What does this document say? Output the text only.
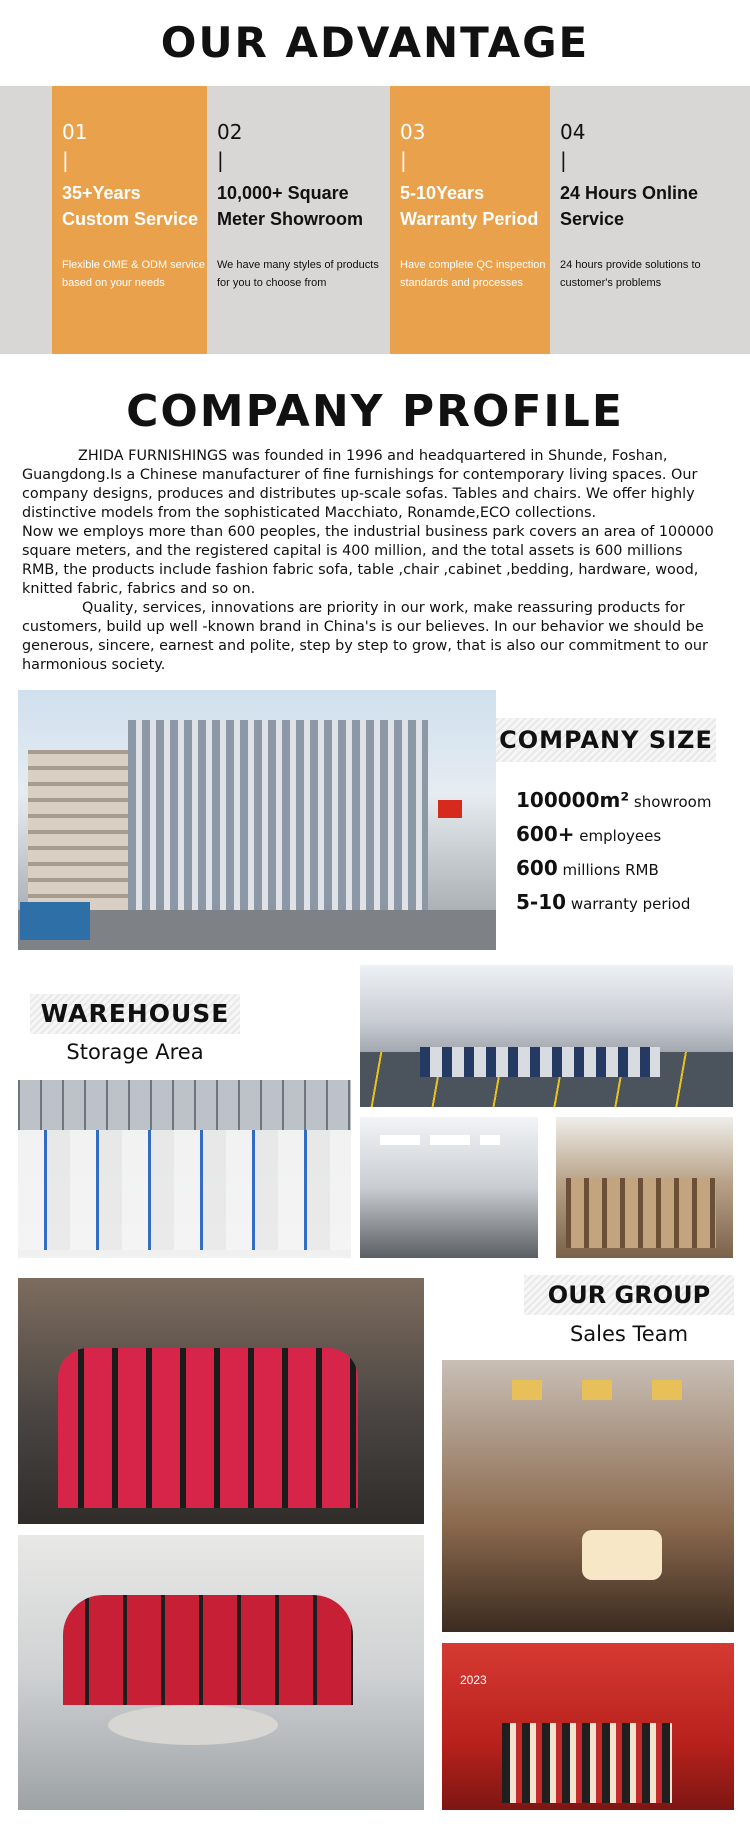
OUR ADVANTAGE
01
|
35+Years Custom Service
Flexible OME & ODM service based on your needs
02
|
10,000+ Square Meter Showroom
We have many styles of products for you to choose from
03
|
5-10Years Warranty Period
Have complete QC inspection standards and processes
04
|
24 Hours Online Service
24 hours provide solutions to customer's problems
COMPANY PROFILE

ZHIDA FURNISHINGS was founded in 1996 and headquartered in Shunde, Foshan, Guangdong.Is a Chinese manufacturer of fine furnishings for contemporary living spaces. Our company designs, produces and distributes up-scale sofas. Tables and chairs. We offer highly distinctive models from the sophisticated Macchiato, Ronamde,ECO collections.

Now we employs more than 600 peoples, the industrial business park covers an area of 100000 square meters, and the registered capital is 400 million, and the total assets is 600 millions RMB, the products include fashion fabric sofa, table ,chair ,cabinet ,bedding, hardware, wood, knitted fabric, fabrics and so on.

Quality, services, innovations are priority in our work, make reassuring products for customers, build up well -known brand in China's is our believes. In our behavior we should be generous, sincere, earnest and polite, step by step to grow, that is also our commitment to our harmonious society.

COMPANY SIZE
100000m² showroom
600+ employees
600 millions RMB
5-10 warranty period
WAREHOUSE
Storage Area
OUR GROUP
Sales Team
2023
